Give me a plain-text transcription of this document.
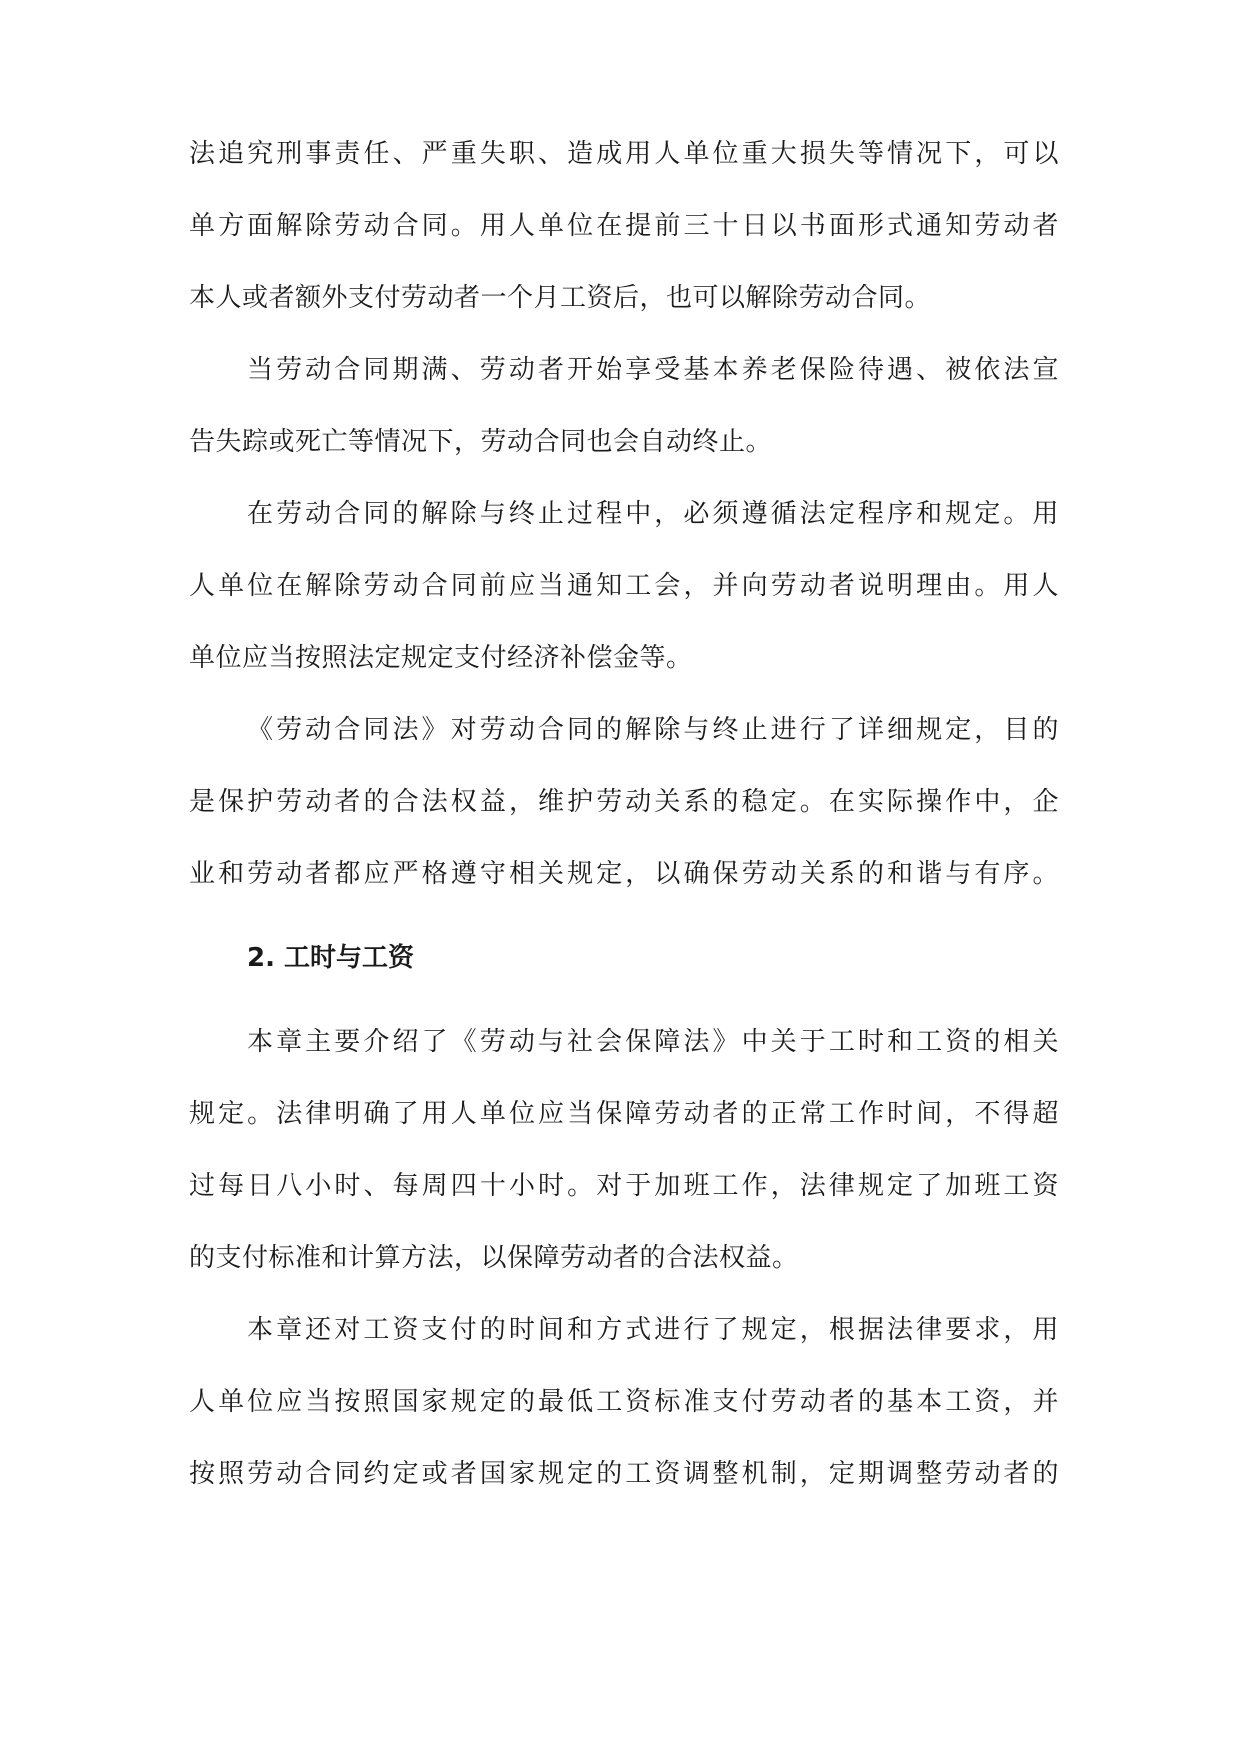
法追究刑事责任、严重失职、造成用人单位重大损失等情况下，可以
单方面解除劳动合同。用人单位在提前三十日以书面形式通知劳动者
本人或者额外支付劳动者一个月工资后，也可以解除劳动合同。
当劳动合同期满、劳动者开始享受基本养老保险待遇、被依法宣
告失踪或死亡等情况下，劳动合同也会自动终止。
在劳动合同的解除与终止过程中，必须遵循法定程序和规定。用
人单位在解除劳动合同前应当通知工会，并向劳动者说明理由。用人
单位应当按照法定规定支付经济补偿金等。
《劳动合同法》对劳动合同的解除与终止进行了详细规定，目的
是保护劳动者的合法权益，维护劳动关系的稳定。在实际操作中，企
业和劳动者都应严格遵守相关规定，以确保劳动关系的和谐与有序。
2. 工时与工资
本章主要介绍了《劳动与社会保障法》中关于工时和工资的相关
规定。法律明确了用人单位应当保障劳动者的正常工作时间，不得超
过每日八小时、每周四十小时。对于加班工作，法律规定了加班工资
的支付标准和计算方法，以保障劳动者的合法权益。
本章还对工资支付的时间和方式进行了规定，根据法律要求，用
人单位应当按照国家规定的最低工资标准支付劳动者的基本工资，并
按照劳动合同约定或者国家规定的工资调整机制，定期调整劳动者的
